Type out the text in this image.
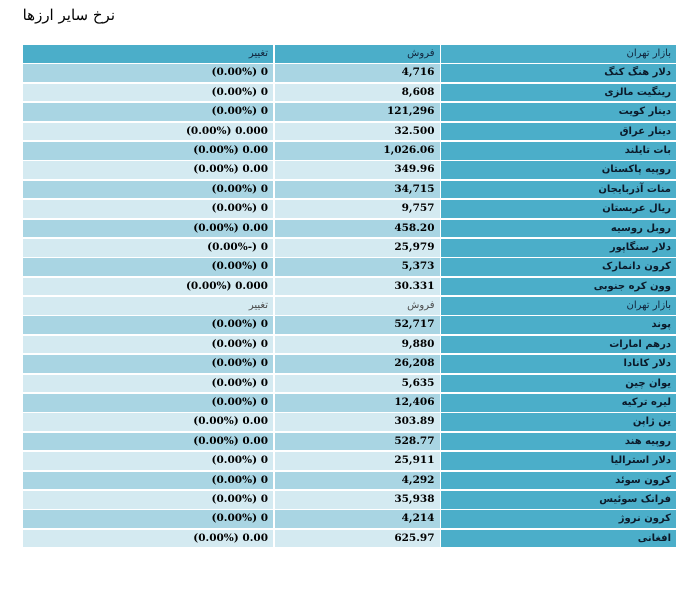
نرخ سایر ارزها
بازار تهران
فروش
تغییر
دلار هنگ کنگ
4,716
0 (0.00%)
رینگیت مالزی
8,608
0 (0.00%)
دینار کویت
121,296
0 (0.00%)
دینار عراق
32.500
0.000 (0.00%)
بات تایلند
1,026.06
0.00 (0.00%)
روپیه پاکستان
349.96
0.00 (0.00%)
منات آذربایجان
34,715
0 (0.00%)
ریال عربستان
9,757
0 (0.00%)
روبل روسیه
458.20
0.00 (0.00%)
دلار سنگاپور
25,979
0 (-0.00%)
کرون دانمارک
5,373
0 (0.00%)
وون کره جنوبی
30.331
0.000 (0.00%)
بازار تهران
فروش
تغییر
پوند
52,717
0 (0.00%)
درهم امارات
9,880
0 (0.00%)
دلار کانادا
26,208
0 (0.00%)
یوان چین
5,635
0 (0.00%)
لیره ترکیه
12,406
0 (0.00%)
ین ژاپن
303.89
0.00 (0.00%)
روپیه هند
528.77
0.00 (0.00%)
دلار استرالیا
25,911
0 (0.00%)
کرون سوئد
4,292
0 (0.00%)
فرانک سوئیس
35,938
0 (0.00%)
کرون نروژ
4,214
0 (0.00%)
افغانی
625.97
0.00 (0.00%)
